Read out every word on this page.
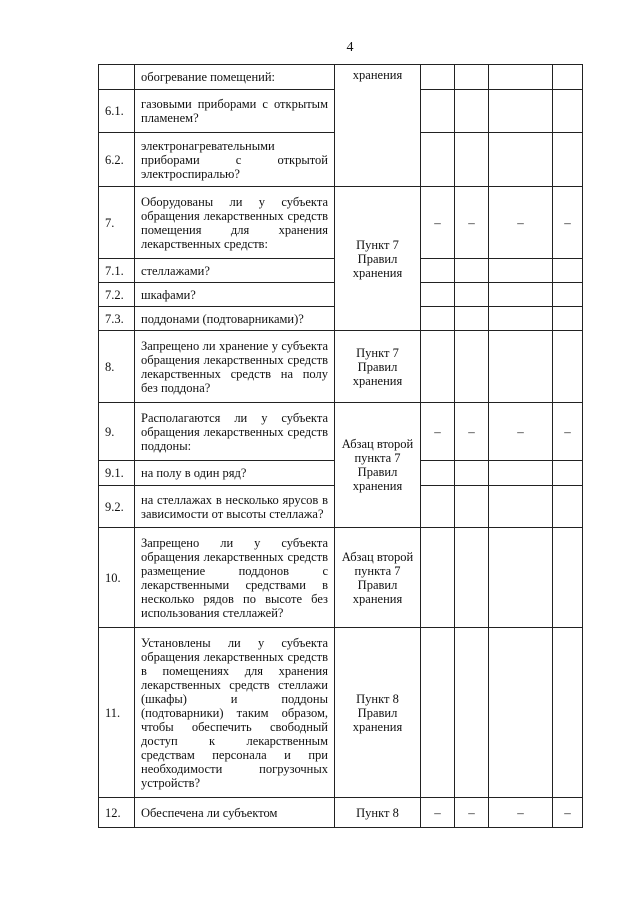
4
	обогревание помещений:	хранения				
6.1.	газовыми приборами с открытым пламенем?					
6.2.	электронагревательными приборами с открытой электроспиралью?					
7.	Оборудованы ли у субъекта обращения лекарственных средств помещения для хранения лекарственных средств:	Пункт 7 Правил хранения	–	–	–	–
7.1.	стеллажами?					
7.2.	шкафами?					
7.3.	поддонами (подтоварниками)?					
8.	Запрещено ли хранение у субъекта обращения лекарственных средств лекарственных средств на полу без поддона?	Пункт 7 Правил хранения				
9.	Располагаются ли у субъекта обращения лекарственных средств поддоны:	Абзац второй пункта 7 Правил хранения	–	–	–	–
9.1.	на полу в один ряд?					
9.2.	на стеллажах в несколько ярусов в зависимости от высоты стеллажа?					
10.	Запрещено ли у субъекта обращения лекарственных средств размещение поддонов с лекарственными средствами в несколько рядов по высоте без использования стеллажей?	Абзац второй пункта 7 Правил хранения				
11.	Установлены ли у субъекта обращения лекарственных средств в помещениях для хранения лекарственных средств стеллажи (шкафы) и поддоны (подтоварники) таким образом, чтобы обеспечить свободный доступ к лекарственным средствам персонала и при необходимости погрузочных устройств?	Пункт 8 Правил хранения				
12.	Обеспечена ли субъектом	Пункт 8	–	–	–	–
